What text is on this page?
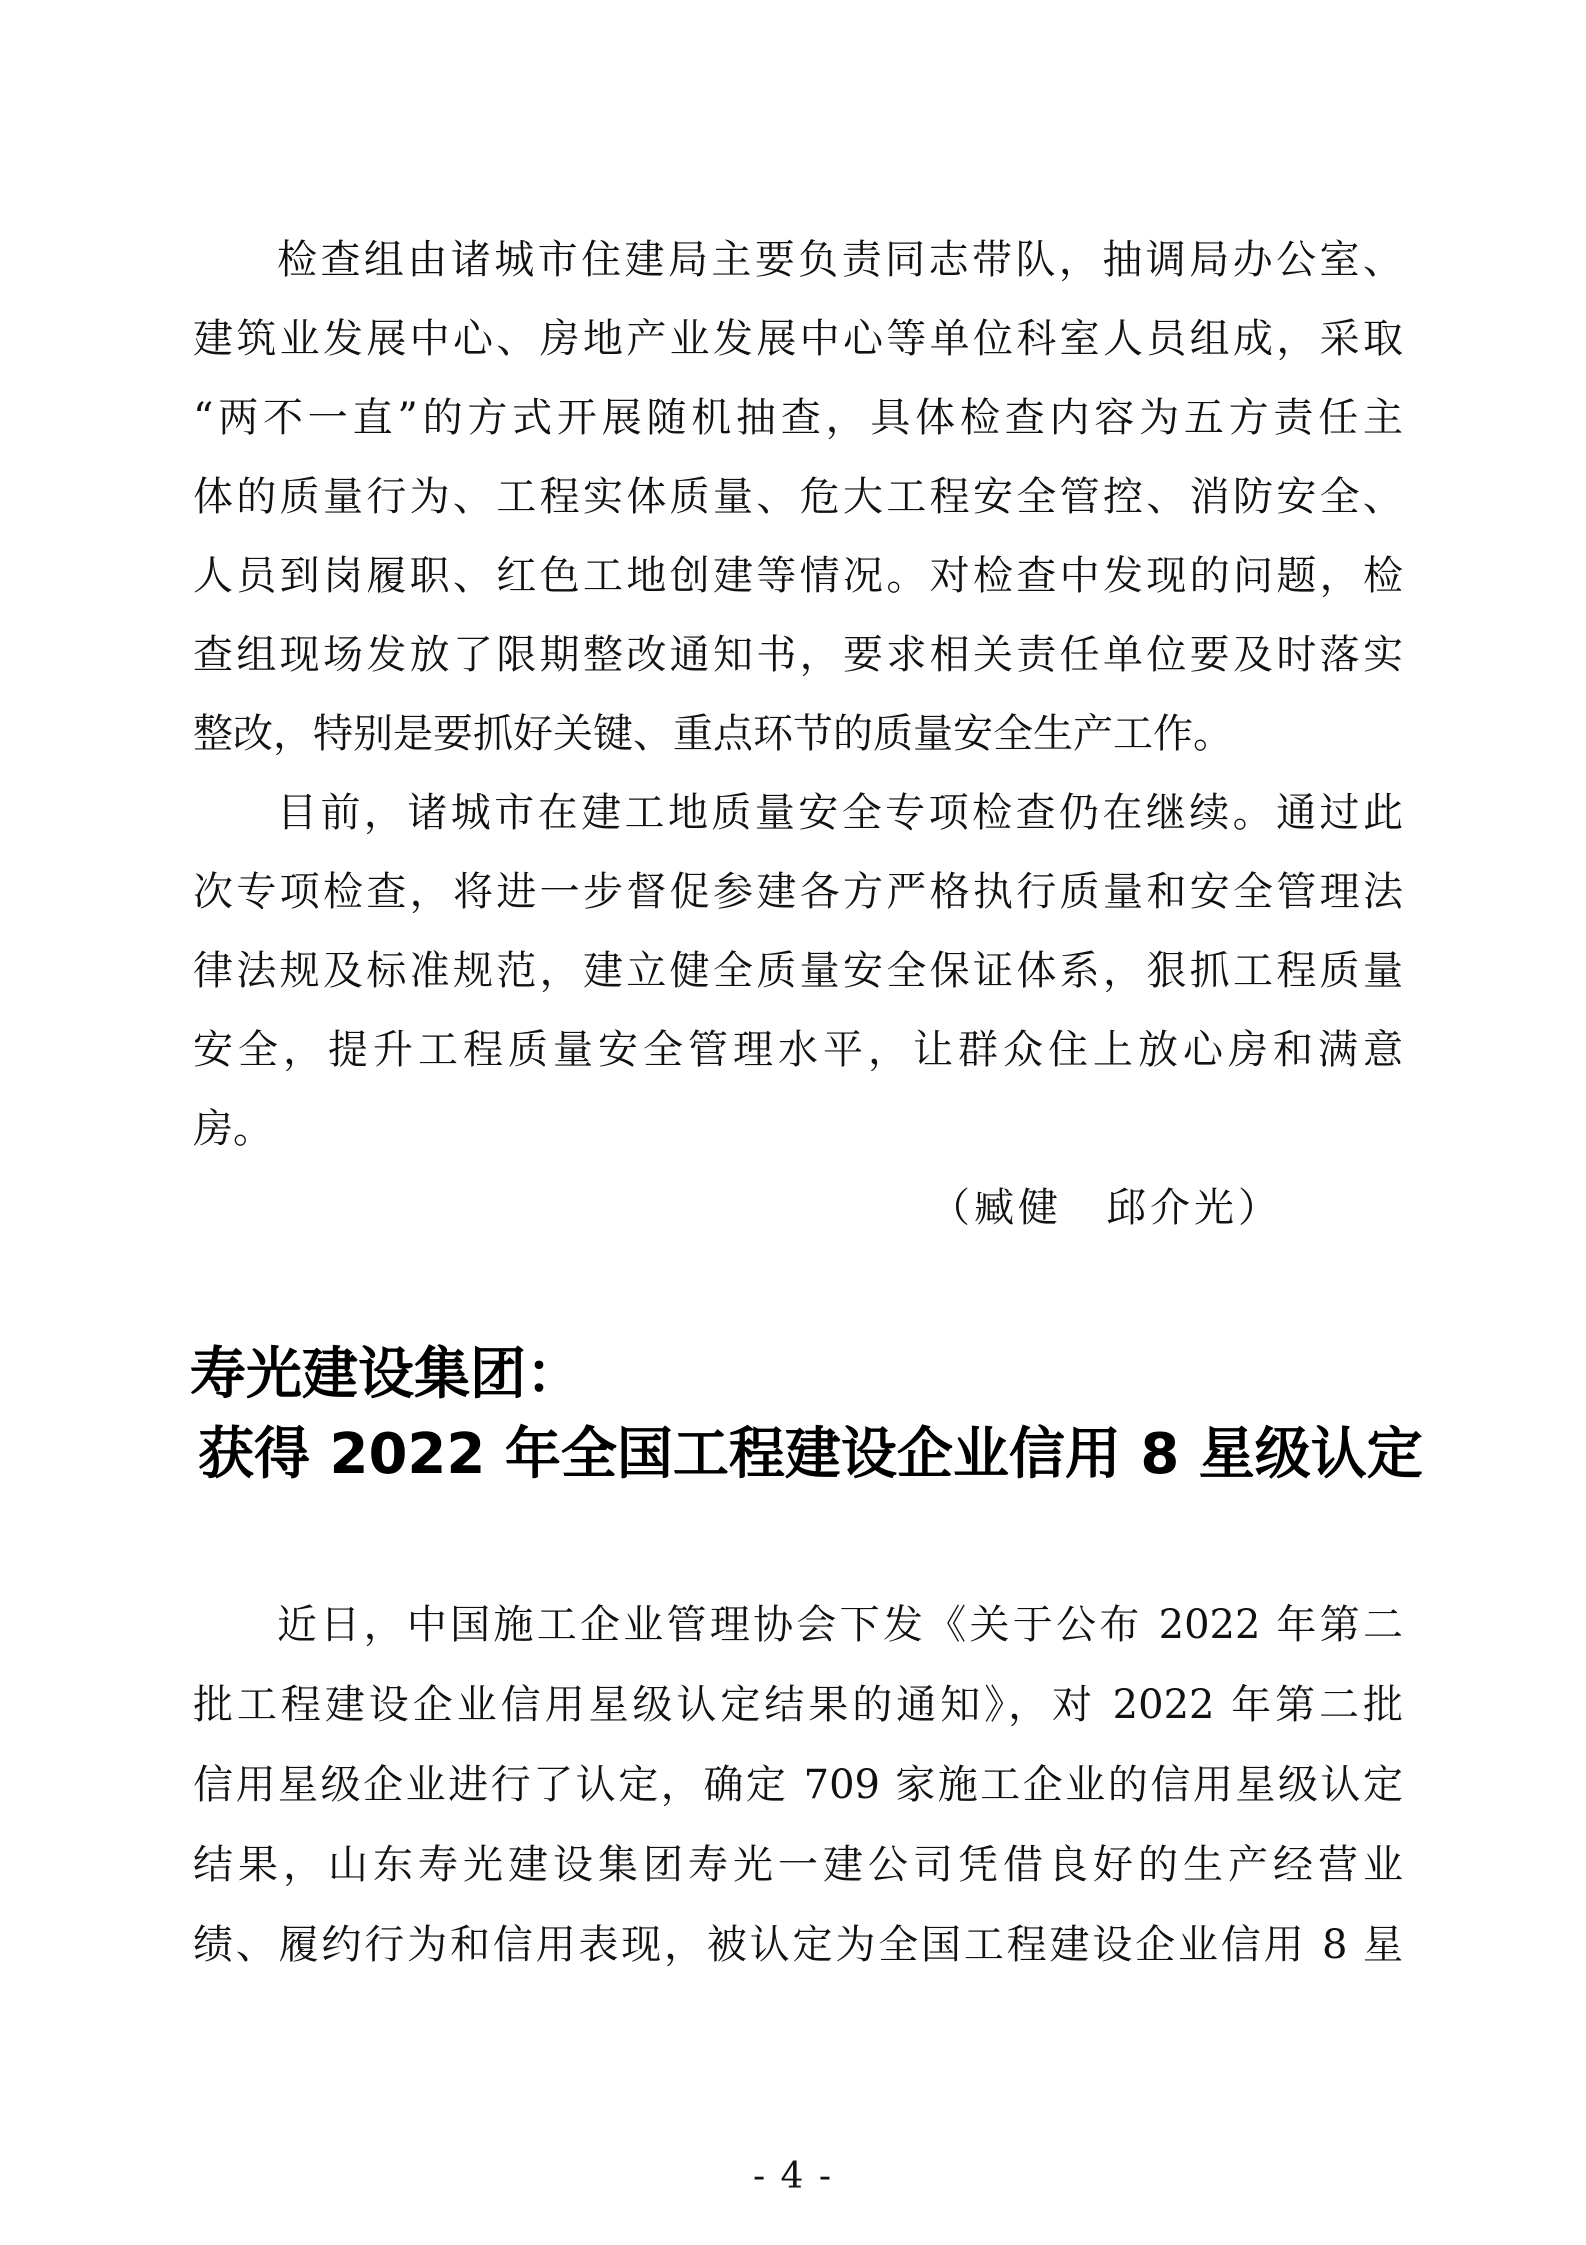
检查组由诸城市住建局主要负责同志带队，抽调局办公室、
建筑业发展中心、房地产业发展中心等单位科室人员组成，采取
“两不一直”的方式开展随机抽查，具体检查内容为五方责任主
体的质量行为、工程实体质量、危大工程安全管控、消防安全、
人员到岗履职、红色工地创建等情况。对检查中发现的问题，检
查组现场发放了限期整改通知书，要求相关责任单位要及时落实
整改，特别是要抓好关键、重点环节的质量安全生产工作。
目前，诸城市在建工地质量安全专项检查仍在继续。通过此
次专项检查，将进一步督促参建各方严格执行质量和安全管理法
律法规及标准规范，建立健全质量安全保证体系，狠抓工程质量
安全，提升工程质量安全管理水平，让群众住上放心房和满意
房。
（臧健　邱介光）
寿光建设集团：
获得 2022 年全国工程建设企业信用 8 星级认定
近日，中国施工企业管理协会下发《关于公布 2022 年第二
批工程建设企业信用星级认定结果的通知》，对 2022 年第二批
信用星级企业进行了认定，确定 709 家施工企业的信用星级认定
结果，山东寿光建设集团寿光一建公司凭借良好的生产经营业
绩、履约行为和信用表现，被认定为全国工程建设企业信用 8 星
- 4 -
